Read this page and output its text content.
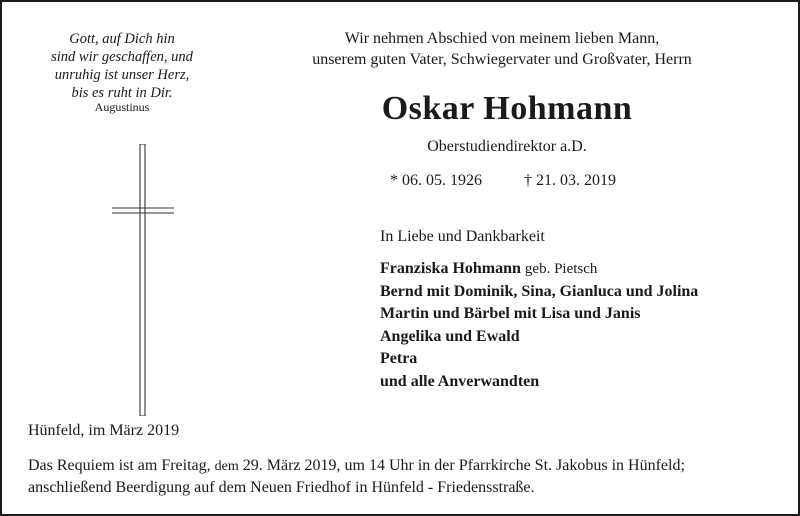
Gott, auf Dich hin
sind wir geschaffen, und
unruhig ist unser Herz,
bis es ruht in Dir.
Augustinus
Wir nehmen Abschied von meinem lieben Mann,
unserem guten Vater, Schwiegervater und Großvater, Herrn
Oskar Hohmann
Oberstudiendirektor a.D.
* 06. 05. 1926	† 21. 03. 2019
In Liebe und Dankbarkeit
Franziska Hohmann geb. Pietsch
Bernd mit Dominik, Sina, Gianluca und Jolina
Martin und Bärbel mit Lisa und Janis
Angelika und Ewald
Petra
und alle Anverwandten
Hünfeld, im März 2019
Das Requiem ist am Freitag, dem 29. März 2019, um 14 Uhr in der Pfarrkirche St. Jakobus in Hünfeld;
anschließend Beerdigung auf dem Neuen Friedhof in Hünfeld - Friedensstraße.
